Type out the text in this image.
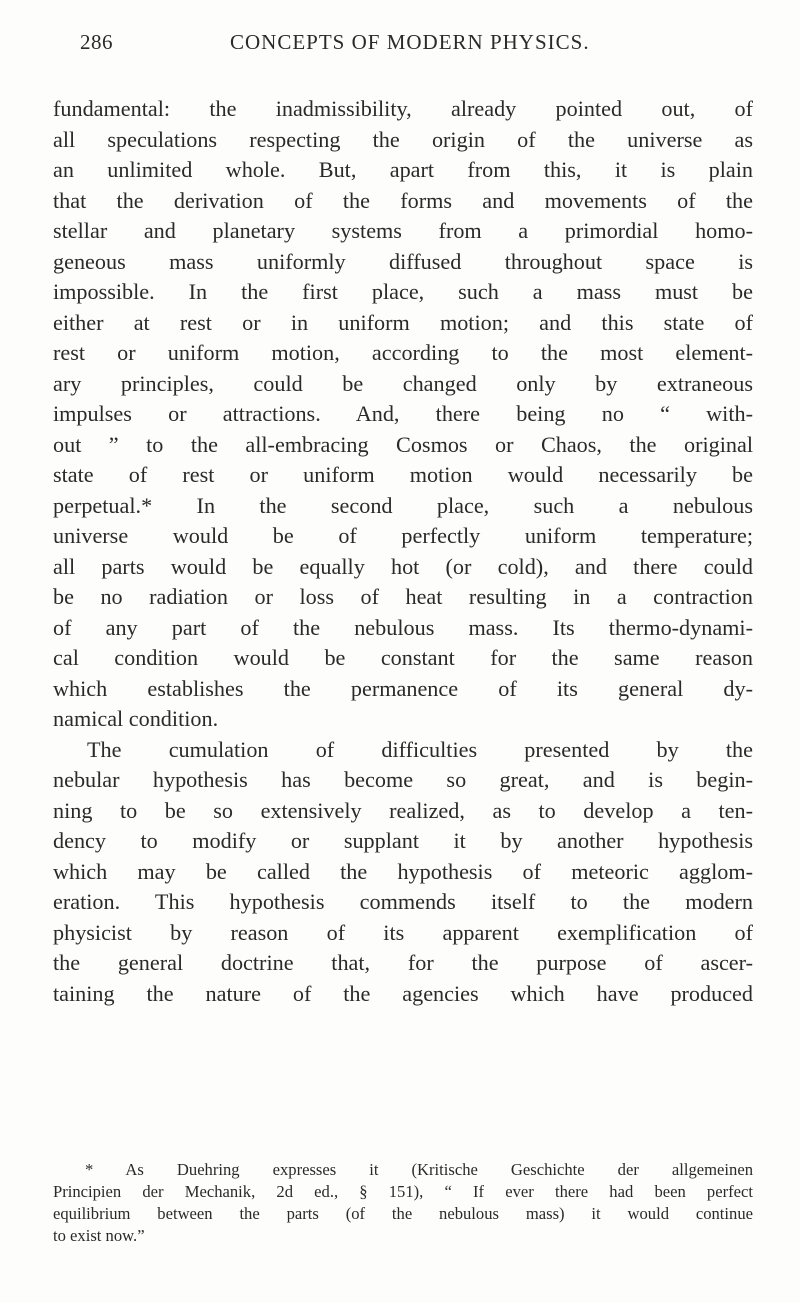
286	CONCEPTS OF MODERN PHYSICS.
fundamental: the inadmissibility, already pointed out, of
all speculations respecting the origin of the universe as
an unlimited whole. But, apart from this, it is plain
that the derivation of the forms and movements of the
stellar and planetary systems from a primordial homo-
geneous mass uniformly diffused throughout space is
impossible. In the first place, such a mass must be
either at rest or in uniform motion; and this state of
rest or uniform motion, according to the most element-
ary principles, could be changed only by extraneous
impulses or attractions. And, there being no “ with-
out ” to the all-embracing Cosmos or Chaos, the original
state of rest or uniform motion would necessarily be
perpetual.* In the second place, such a nebulous
universe would be of perfectly uniform temperature;
all parts would be equally hot (or cold), and there could
be no radiation or loss of heat resulting in a contraction
of any part of the nebulous mass. Its thermo-dynami-
cal condition would be constant for the same reason
which establishes the permanence of its general dy-
namical condition.
The cumulation of difficulties presented by the
nebular hypothesis has become so great, and is begin-
ning to be so extensively realized, as to develop a ten-
dency to modify or supplant it by another hypothesis
which may be called the hypothesis of meteoric agglom-
eration. This hypothesis commends itself to the modern
physicist by reason of its apparent exemplification of
the general doctrine that, for the purpose of ascer-
taining the nature of the agencies which have produced
* As Duehring expresses it (Kritische Geschichte der allgemeinen
Principien der Mechanik, 2d ed., § 151), “ If ever there had been perfect
equilibrium between the parts (of the nebulous mass) it would continue
to exist now.”
